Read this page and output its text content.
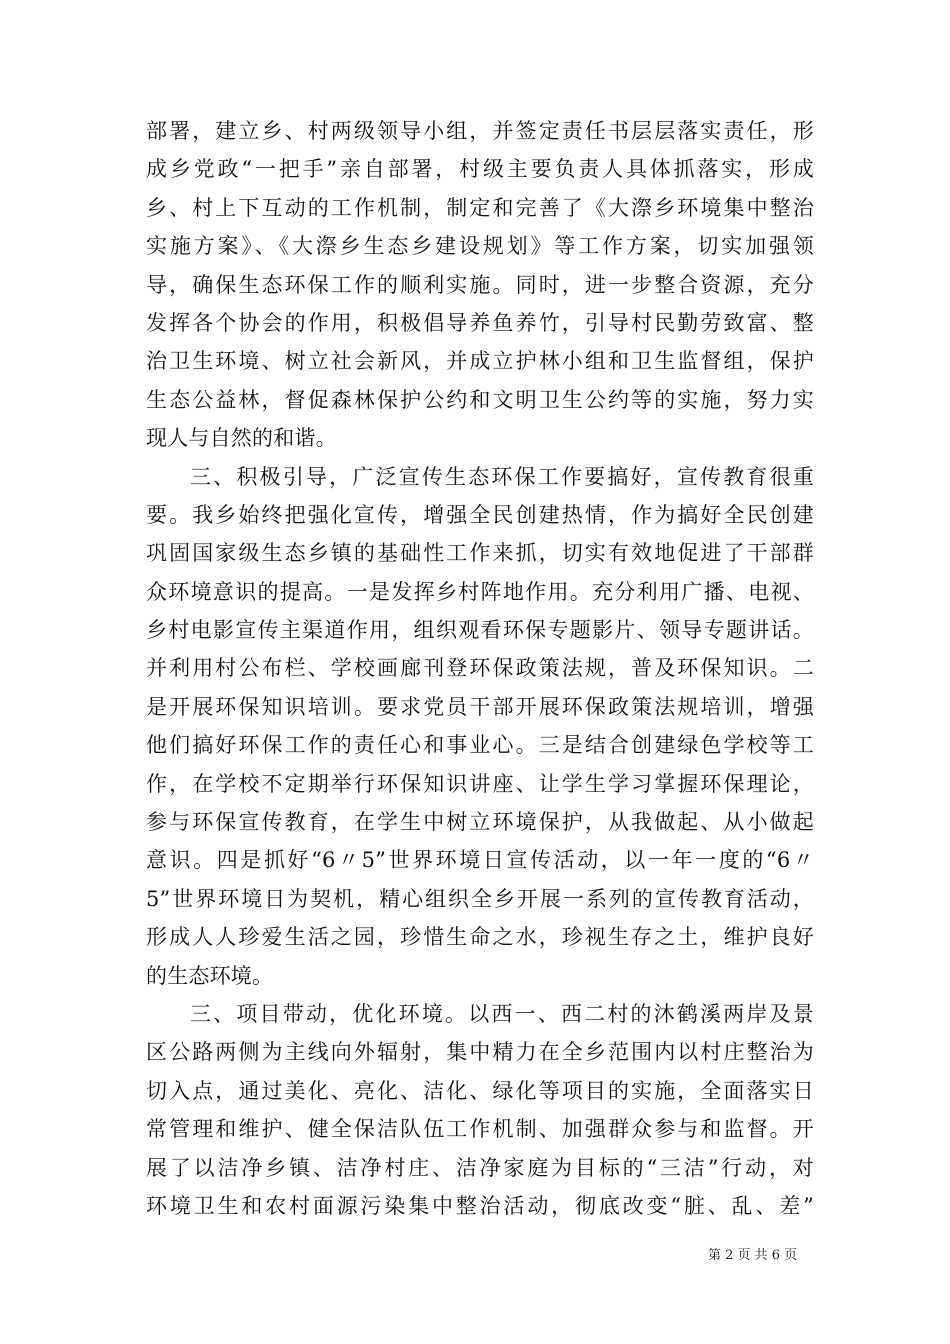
部署，建立乡、村两级领导小组，并签定责任书层层落实责任，形
成乡党政“一把手”亲自部署，村级主要负责人具体抓落实，形成
乡、村上下互动的工作机制，制定和完善了《大漈乡环境集中整治
实施方案》、《大漈乡生态乡建设规划》等工作方案，切实加强领
导，确保生态环保工作的顺利实施。同时，进一步整合资源，充分
发挥各个协会的作用，积极倡导养鱼养竹，引导村民勤劳致富、整
治卫生环境、树立社会新风，并成立护林小组和卫生监督组，保护
生态公益林，督促森林保护公约和文明卫生公约等的实施，努力实
现人与自然的和谐。
三、积极引导，广泛宣传生态环保工作要搞好，宣传教育很重
要。我乡始终把强化宣传，增强全民创建热情，作为搞好全民创建
巩固国家级生态乡镇的基础性工作来抓，切实有效地促进了干部群
众环境意识的提高。一是发挥乡村阵地作用。充分利用广播、电视、
乡村电影宣传主渠道作用，组织观看环保专题影片、领导专题讲话。
并利用村公布栏、学校画廊刊登环保政策法规，普及环保知识。二
是开展环保知识培训。要求党员干部开展环保政策法规培训，增强
他们搞好环保工作的责任心和事业心。三是结合创建绿色学校等工
作，在学校不定期举行环保知识讲座、让学生学习掌握环保理论，
参与环保宣传教育，在学生中树立环境保护，从我做起、从小做起
意识。四是抓好“6〃5”世界环境日宣传活动，以一年一度的“6〃
5”世界环境日为契机，精心组织全乡开展一系列的宣传教育活动，
形成人人珍爱生活之园，珍惜生命之水，珍视生存之土，维护良好
的生态环境。
三、项目带动，优化环境。以西一、西二村的沐鹤溪两岸及景
区公路两侧为主线向外辐射，集中精力在全乡范围内以村庄整治为
切入点，通过美化、亮化、洁化、绿化等项目的实施，全面落实日
常管理和维护、健全保洁队伍工作机制、加强群众参与和监督。开
展了以洁净乡镇、洁净村庄、洁净家庭为目标的“三洁”行动，对
环境卫生和农村面源污染集中整治活动，彻底改变“脏、乱、差”
第 2 页 共 6 页
